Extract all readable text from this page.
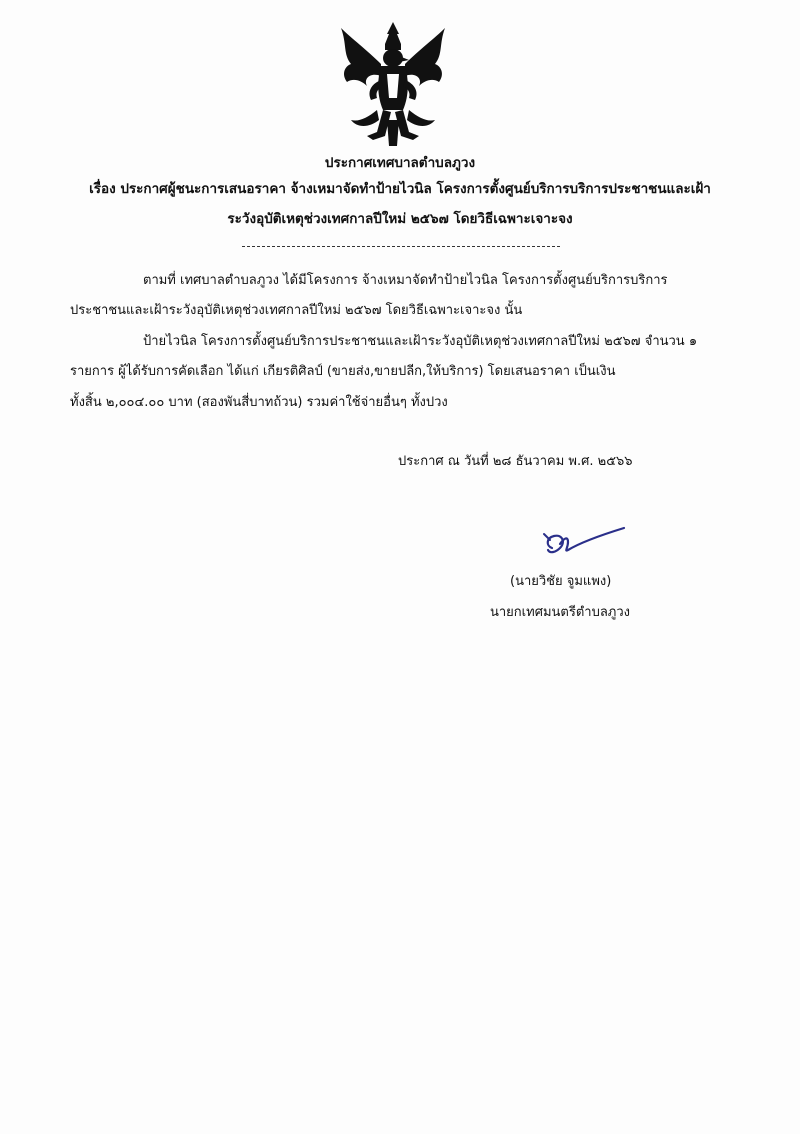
ประกาศเทศบาลตำบลภูวง
เรื่อง ประกาศผู้ชนะการเสนอราคา จ้างเหมาจัดทำป้ายไวนิล โครงการตั้งศูนย์บริการบริการประชาชนและเฝ้า
ระวังอุบัติเหตุช่วงเทศกาลปีใหม่ ๒๕๖๗ โดยวิธีเฉพาะเจาะจง
ตามที่ เทศบาลตำบลภูวง ได้มีโครงการ จ้างเหมาจัดทำป้ายไวนิล โครงการตั้งศูนย์บริการบริการ
ประชาชนและเฝ้าระวังอุบัติเหตุช่วงเทศกาลปีใหม่ ๒๕๖๗ โดยวิธีเฉพาะเจาะจง นั้น
ป้ายไวนิล โครงการตั้งศูนย์บริการประชาชนและเฝ้าระวังอุบัติเหตุช่วงเทศกาลปีใหม่ ๒๕๖๗ จำนวน ๑
รายการ ผู้ได้รับการคัดเลือก ได้แก่ เกียรติศิลป์ (ขายส่ง,ขายปลีก,ให้บริการ) โดยเสนอราคา เป็นเงิน
ทั้งสิ้น ๒,๐๐๔.๐๐ บาท (สองพันสี่บาทถ้วน) รวมค่าใช้จ่ายอื่นๆ ทั้งปวง
ประกาศ ณ วันที่ ๒๘ ธันวาคม พ.ศ. ๒๕๖๖
(นายวิชัย จูมแพง)
นายกเทศมนตรีตำบลภูวง
